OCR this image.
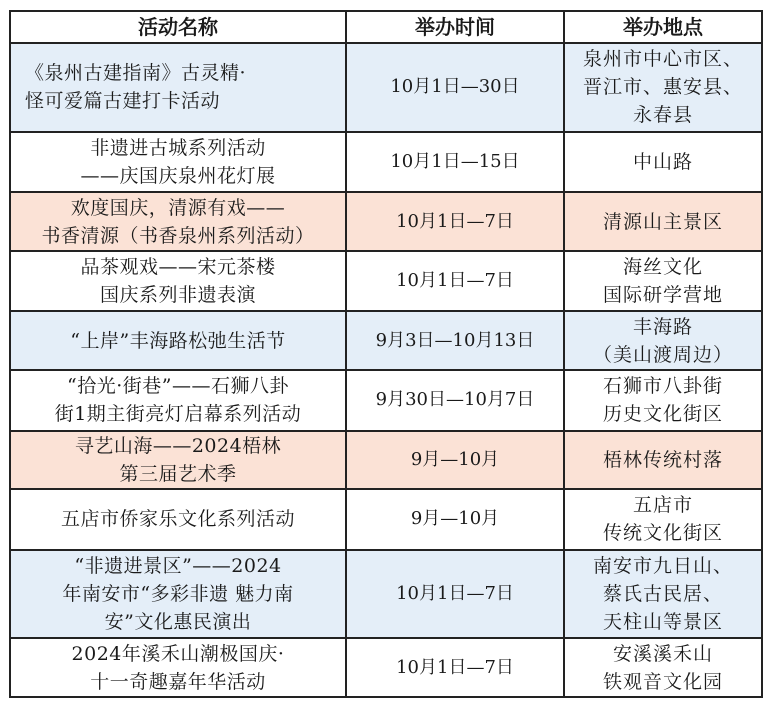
活动名称	举办时间	举办地点

《泉州古建指南》古灵精·
怪可爱篇古建打卡活动	10月1日—30日	泉州市中心市区、
晋江市、惠安县、
永春县

非遗进古城系列活动
——庆国庆泉州花灯展	10月1日—15日	中山路

欢度国庆，清源有戏——
书香清源（书香泉州系列活动）	10月1日—7日	清源山主景区

品茶观戏——宋元茶楼
国庆系列非遗表演	10月1日—7日	海丝文化
国际研学营地

“上岸”丰海路松弛生活节	9月3日—10月13日	丰海路
（美山渡周边）

“拾光·街巷”——石狮八卦
街1期主街亮灯启幕系列活动	9月30日—10月7日	石狮市八卦街
历史文化街区

寻艺山海——2024梧林
第三届艺术季	9月—10月	梧林传统村落

五店市侨家乐文化系列活动	9月—10月	五店市
传统文化街区

“非遗进景区”——2024
年南安市“多彩非遗 魅力南
安”文化惠民演出	10月1日—7日	南安市九日山、
蔡氏古民居、
天柱山等景区

2024年溪禾山潮极国庆·
十一奇趣嘉年华活动	10月1日—7日	安溪溪禾山
铁观音文化园
